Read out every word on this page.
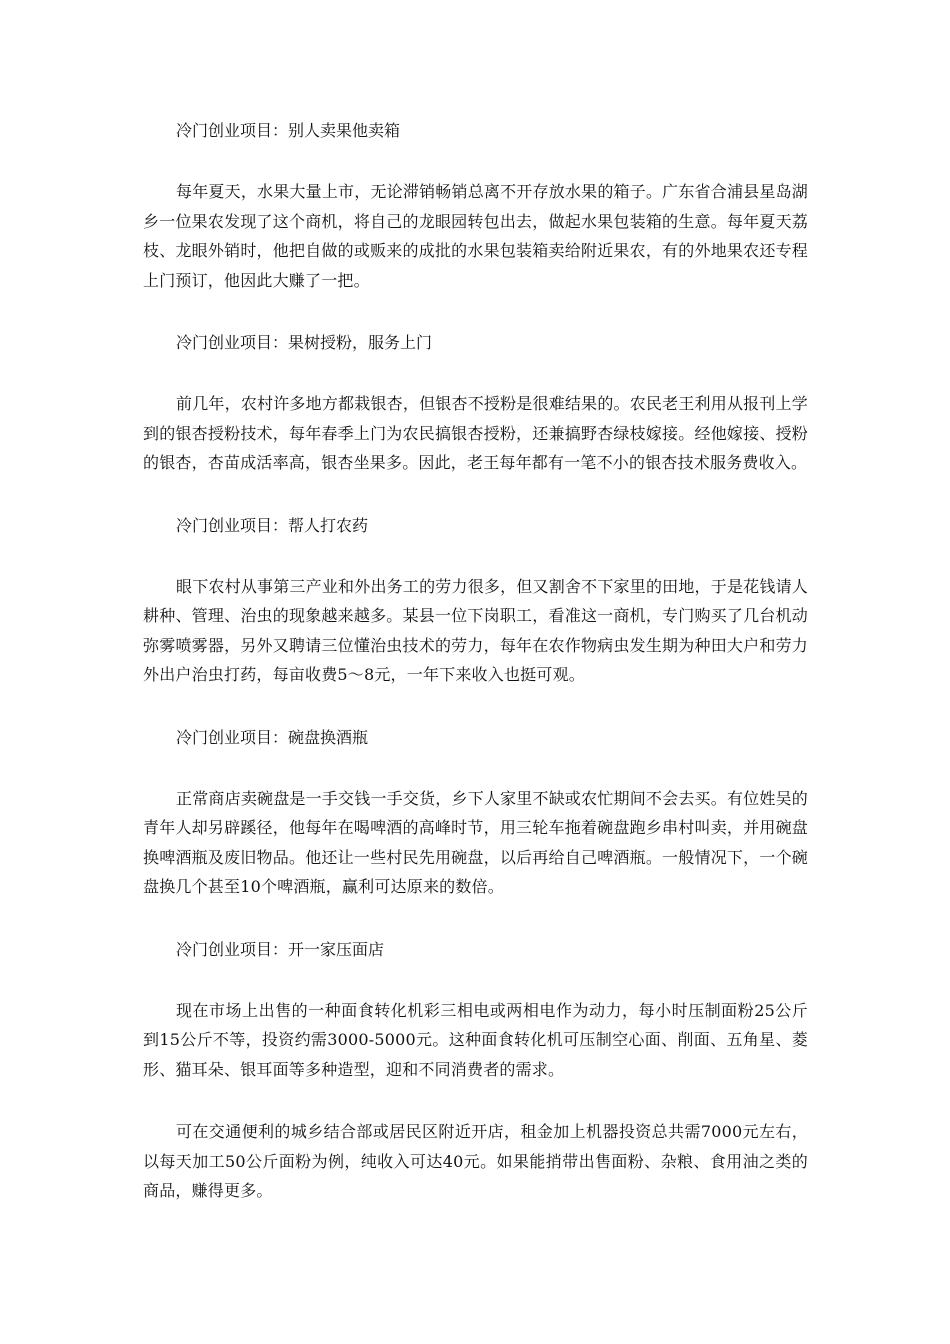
冷门创业项目：别人卖果他卖箱

每年夏天，水果大量上市，无论滞销畅销总离不开存放水果的箱子。广东省合浦县星岛湖乡一位果农发现了这个商机，将自己的龙眼园转包出去，做起水果包装箱的生意。每年夏天荔枝、龙眼外销时，他把自做的或贩来的成批的水果包装箱卖给附近果农，有的外地果农还专程上门预订，他因此大赚了一把。

冷门创业项目：果树授粉，服务上门

前几年，农村许多地方都栽银杏，但银杏不授粉是很难结果的。农民老王利用从报刊上学到的银杏授粉技术，每年春季上门为农民搞银杏授粉，还兼搞野杏绿枝嫁接。经他嫁接、授粉的银杏，杏苗成活率高，银杏坐果多。因此，老王每年都有一笔不小的银杏技术服务费收入。

冷门创业项目：帮人打农药

眼下农村从事第三产业和外出务工的劳力很多，但又割舍不下家里的田地，于是花钱请人耕种、管理、治虫的现象越来越多。某县一位下岗职工，看准这一商机，专门购买了几台机动弥雾喷雾器，另外又聘请三位懂治虫技术的劳力，每年在农作物病虫发生期为种田大户和劳力外出户治虫打药，每亩收费5～8元，一年下来收入也挺可观。

冷门创业项目：碗盘换酒瓶

正常商店卖碗盘是一手交钱一手交货，乡下人家里不缺或农忙期间不会去买。有位姓吴的青年人却另辟蹊径，他每年在喝啤酒的高峰时节，用三轮车拖着碗盘跑乡串村叫卖，并用碗盘换啤酒瓶及废旧物品。他还让一些村民先用碗盘，以后再给自己啤酒瓶。一般情况下，一个碗盘换几个甚至10个啤酒瓶，赢利可达原来的数倍。

冷门创业项目：开一家压面店

现在市场上出售的一种面食转化机彩三相电或两相电作为动力，每小时压制面粉25公斤到15公斤不等，投资约需3000-5000元。这种面食转化机可压制空心面、削面、五角星、菱形、猫耳朵、银耳面等多种造型，迎和不同消费者的需求。

可在交通便利的城乡结合部或居民区附近开店，租金加上机器投资总共需7000元左右，以每天加工50公斤面粉为例，纯收入可达40元。如果能捎带出售面粉、杂粮、食用油之类的商品，赚得更多。
